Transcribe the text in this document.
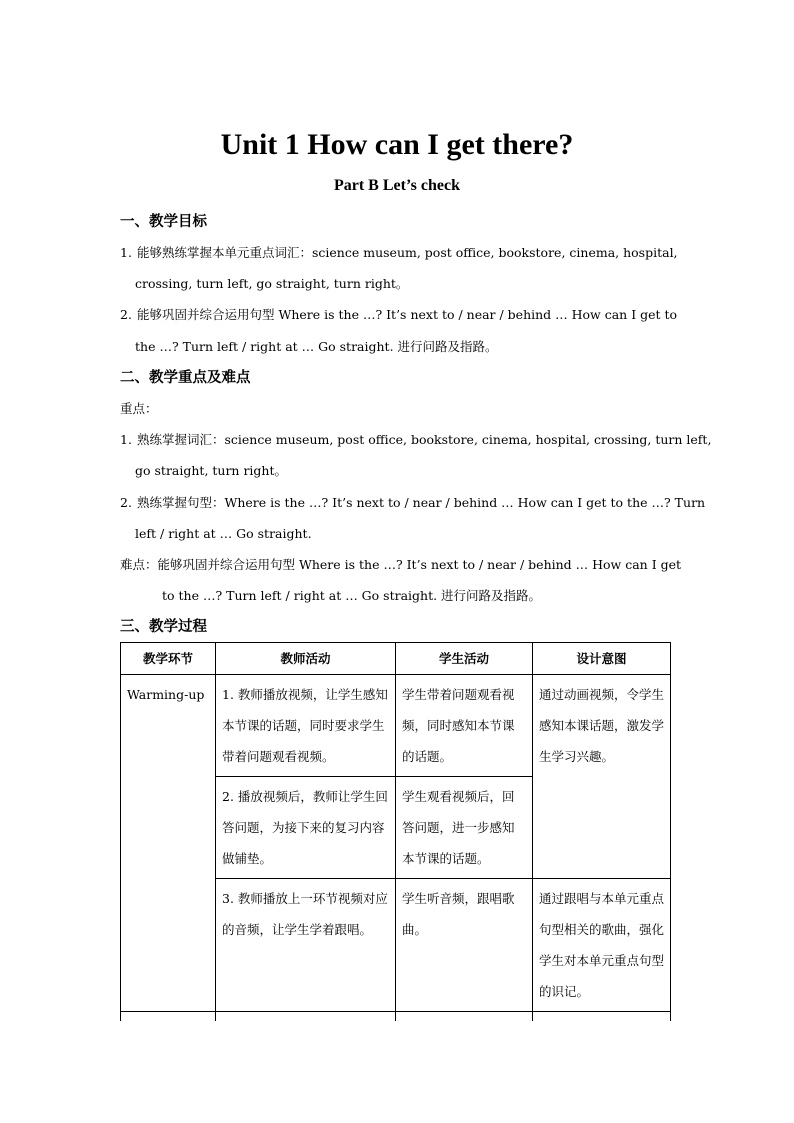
Unit 1 How can I get there?
Part B Let’s check
一、教学目标
1. 能够熟练掌握本单元重点词汇：science museum, post office, bookstore, cinema, hospital,
crossing, turn left, go straight, turn right。
2. 能够巩固并综合运用句型 Where is the …? It’s next to / near / behind … How can I get to
the …? Turn left / right at … Go straight. 进行问路及指路。
二、教学重点及难点
重点：
1. 熟练掌握词汇：science museum, post office, bookstore, cinema, hospital, crossing, turn left,
go straight, turn right。
2. 熟练掌握句型：Where is the …? It’s next to / near / behind … How can I get to the …? Turn
left / right at … Go straight.
难点：能够巩固并综合运用句型 Where is the …? It’s next to / near / behind … How can I get
to the …? Turn left / right at … Go straight. 进行问路及指路。
三、教学过程
教学环节	教师活动	学生活动	设计意图

Warming-up	1. 教师播放视频，让学生感知本节课的话题，同时要求学生带着问题观看视频。	学生带着问题观看视频，同时感知本节课的话题。	通过动画视频，令学生感知本课话题，激发学生学习兴趣。

	2. 播放视频后，教师让学生回答问题，为接下来的复习内容做铺垫。	学生观看视频后，回答问题，进一步感知本节课的话题。	

	3. 教师播放上一环节视频对应的音频，让学生学着跟唱。	学生听音频，跟唱歌曲。	通过跟唱与本单元重点句型相关的歌曲，强化学生对本单元重点句型的识记。
